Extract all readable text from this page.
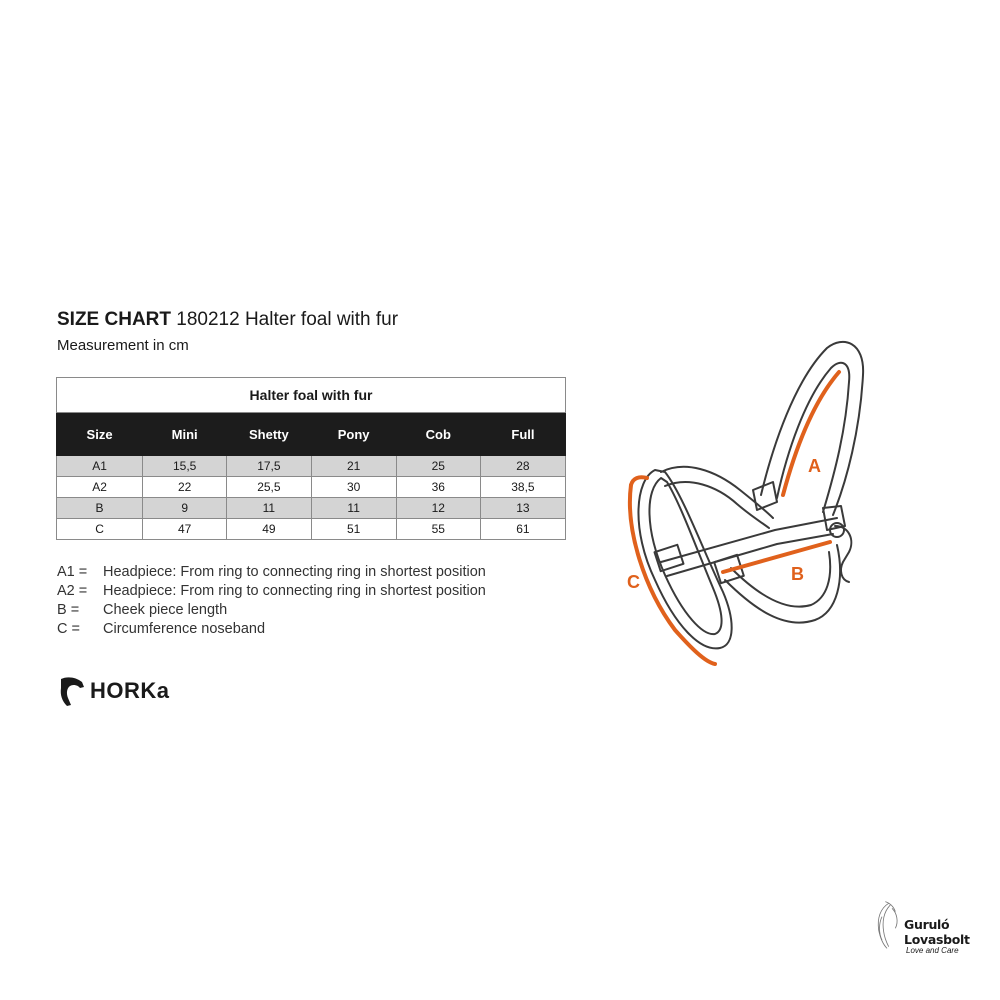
SIZE CHART 180212 Halter foal with fur
Measurement in cm
Halter foal with fur					
Size	Mini	Shetty	Pony	Cob	Full
A1	15,5	17,5	21	25	28
A2	22	25,5	30	36	38,5
B	9	11	11	12	13
C	47	49	51	55	61
A1 =	Headpiece: From ring to connecting ring in shortest position
A2 =	Headpiece: From ring to connecting ring in shortest position
B =	Cheek piece length
C =	Circumference noseband
HORKa
A
B
C
Guruló Lovasbolt
Love and Care
